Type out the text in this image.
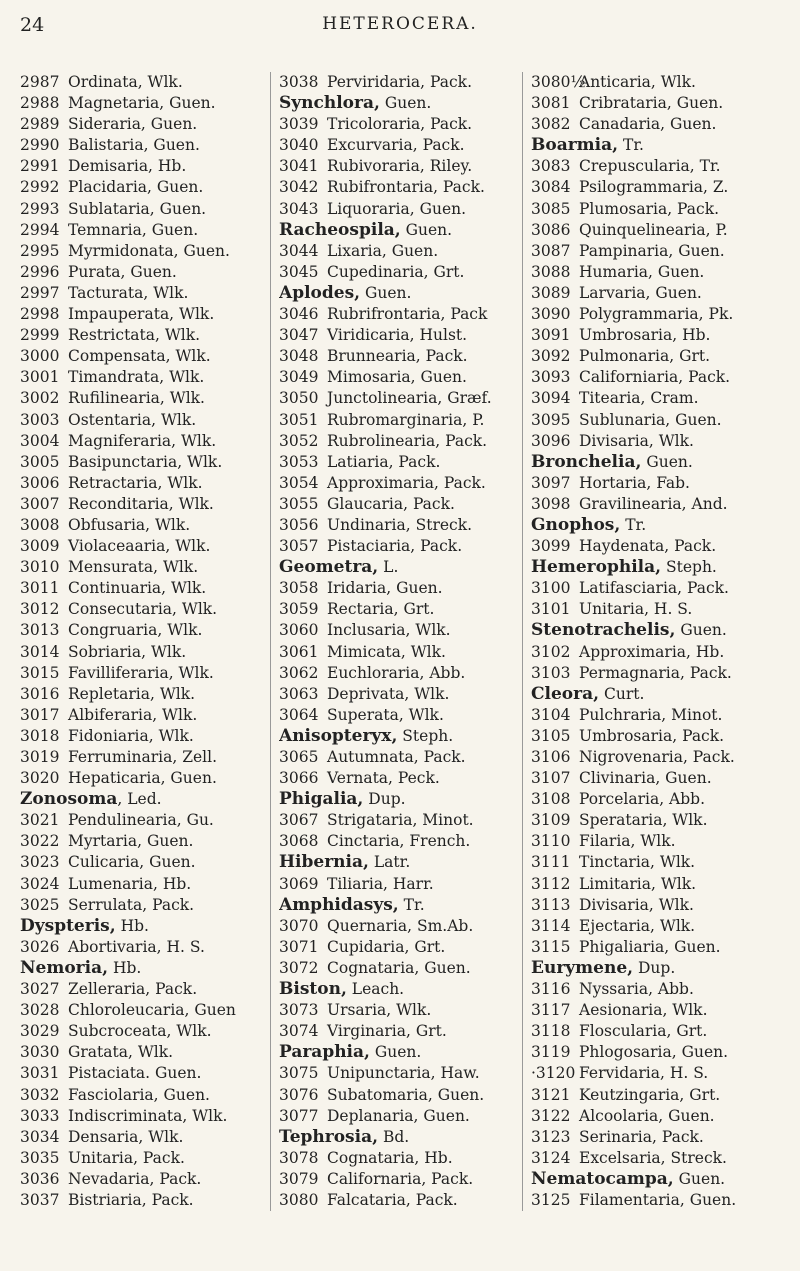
24	HETEROCERA.
2987 Ordinata, Wlk.
2988 Magnetaria, Guen.
2989 Sideraria, Guen.
2990 Balistaria, Guen.
2991 Demisaria, Hb.
2992 Placidaria, Guen.
2993 Sublataria, Guen.
2994 Temnaria, Guen.
2995 Myrmidonata, Guen.
2996 Purata, Guen.
2997 Tacturata, Wlk.
2998 Impauperata, Wlk.
2999 Restrictata, Wlk.
3000 Compensata, Wlk.
3001 Timandrata, Wlk.
3002 Rufilinearia, Wlk.
3003 Ostentaria, Wlk.
3004 Magniferaria, Wlk.
3005 Basipunctaria, Wlk.
3006 Retractaria, Wlk.
3007 Reconditaria, Wlk.
3008 Obfusaria, Wlk.
3009 Violaceaaria, Wlk.
3010 Mensurata, Wlk.
3011 Continuaria, Wlk.
3012 Consecutaria, Wlk.
3013 Congruaria, Wlk.
3014 Sobriaria, Wlk.
3015 Favilliferaria, Wlk.
3016 Repletaria, Wlk.
3017 Albiferaria, Wlk.
3018 Fidoniaria, Wlk.
3019 Ferruminaria, Zell.
3020 Hepaticaria, Guen.
Zonosoma, Led.
3021 Pendulinearia, Gu.
3022 Myrtaria, Guen.
3023 Culicaria, Guen.
3024 Lumenaria, Hb.
3025 Serrulata, Pack.
Dyspteris, Hb.
3026 Abortivaria, H. S.
Nemoria, Hb.
3027 Zelleraria, Pack.
3028 Chloroleucaria, Guen
3029 Subcroceata, Wlk.
3030 Gratata, Wlk.
3031 Pistaciata. Guen.
3032 Fasciolaria, Guen.
3033 Indiscriminata, Wlk.
3034 Densaria, Wlk.
3035 Unitaria, Pack.
3036 Nevadaria, Pack.
3037 Bistriaria, Pack.
3038 Perviridaria, Pack.
Synchlora, Guen.
3039 Tricoloraria, Pack.
3040 Excurvaria, Pack.
3041 Rubivoraria, Riley.
3042 Rubifrontaria, Pack.
3043 Liquoraria, Guen.
Racheospila, Guen.
3044 Lixaria, Guen.
3045 Cupedinaria, Grt.
Aplodes, Guen.
3046 Rubrifrontaria, Pack
3047 Viridicaria, Hulst.
3048 Brunnearia, Pack.
3049 Mimosaria, Guen.
3050 Junctolinearia, Græf.
3051 Rubromarginaria, P.
3052 Rubrolinearia, Pack.
3053 Latiaria, Pack.
3054 Approximaria, Pack.
3055 Glaucaria, Pack.
3056 Undinaria, Streck.
3057 Pistaciaria, Pack.
Geometra, L.
3058 Iridaria, Guen.
3059 Rectaria, Grt.
3060 Inclusaria, Wlk.
3061 Mimicata, Wlk.
3062 Euchloraria, Abb.
3063 Deprivata, Wlk.
3064 Superata, Wlk.
Anisopteryx, Steph.
3065 Autumnata, Pack.
3066 Vernata, Peck.
Phigalia, Dup.
3067 Strigataria, Minot.
3068 Cinctaria, French.
Hibernia, Latr.
3069 Tiliaria, Harr.
Amphidasys, Tr.
3070 Quernaria, Sm.Ab.
3071 Cupidaria, Grt.
3072 Cognataria, Guen.
Biston, Leach.
3073 Ursaria, Wlk.
3074 Virginaria, Grt.
Paraphia, Guen.
3075 Unipunctaria, Haw.
3076 Subatomaria, Guen.
3077 Deplanaria, Guen.
Tephrosia, Bd.
3078 Cognataria, Hb.
3079 Californaria, Pack.
3080 Falcataria, Pack.
3080½Anticaria, Wlk.
3081 Cribrataria, Guen.
3082 Canadaria, Guen.
Boarmia, Tr.
3083 Crepuscularia, Tr.
3084 Psilogrammaria, Z.
3085 Plumosaria, Pack.
3086 Quinquelinearia, P.
3087 Pampinaria, Guen.
3088 Humaria, Guen.
3089 Larvaria, Guen.
3090 Polygrammaria, Pk.
3091 Umbrosaria, Hb.
3092 Pulmonaria, Grt.
3093 Californiaria, Pack.
3094 Titearia, Cram.
3095 Sublunaria, Guen.
3096 Divisaria, Wlk.
Bronchelia, Guen.
3097 Hortaria, Fab.
3098 Gravilinearia, And.
Gnophos, Tr.
3099 Haydenata, Pack.
Hemerophila, Steph.
3100 Latifasciaria, Pack.
3101 Unitaria, H. S.
Stenotrachelis, Guen.
3102 Approximaria, Hb.
3103 Permagnaria, Pack.
Cleora, Curt.
3104 Pulchraria, Minot.
3105 Umbrosaria, Pack.
3106 Nigrovenaria, Pack.
3107 Clivinaria, Guen.
3108 Porcelaria, Abb.
3109 Sperataria, Wlk.
3110 Filaria, Wlk.
3111 Tinctaria, Wlk.
3112 Limitaria, Wlk.
3113 Divisaria, Wlk.
3114 Ejectaria, Wlk.
3115 Phigaliaria, Guen.
Eurymene, Dup.
3116 Nyssaria, Abb.
3117 Aesionaria, Wlk.
3118 Floscularia, Grt.
3119 Phlogosaria, Guen.
·3120 Fervidaria, H. S.
3121 Keutzingaria, Grt.
3122 Alcoolaria, Guen.
3123 Serinaria, Pack.
3124 Excelsaria, Streck.
Nematocampa, Guen.
3125 Filamentaria, Guen.
